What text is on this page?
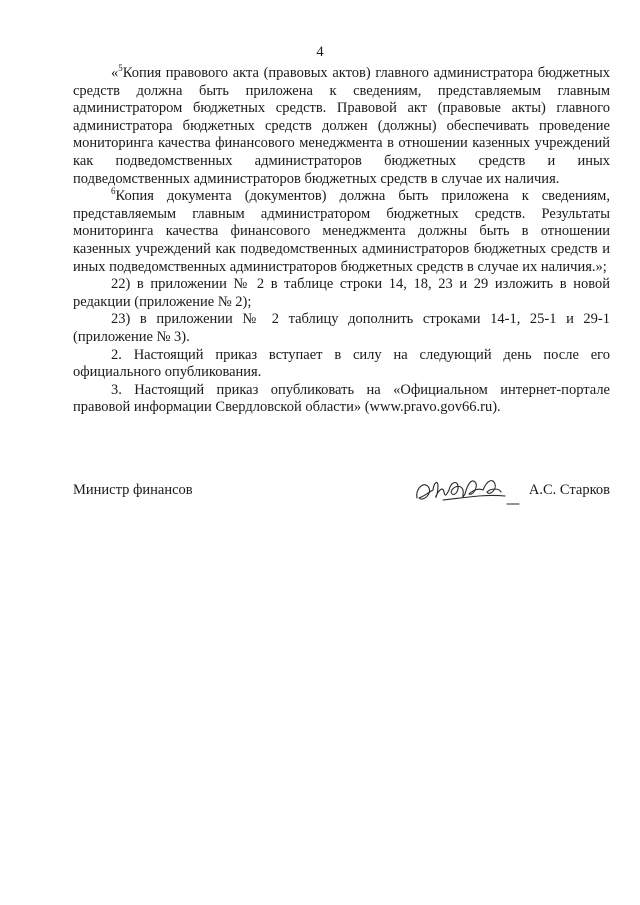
4

«$^5$Копия правового акта (правовых актов) главного администратора бюджетных средств должна быть приложена к сведениям, представляемым главным администратором бюджетных средств. Правовой акт (правовые акты) главного администратора бюджетных средств должен (должны) обеспечивать проведение мониторинга качества финансового менеджмента в отношении казенных учреждений как подведомственных администраторов бюджетных средств и иных подведомственных администраторов бюджетных средств в случае их наличия.

$^6$Копия документа (документов) должна быть приложена к сведениям, представляемым главным администратором бюджетных средств. Результаты мониторинга качества финансового менеджмента должны быть в отношении казенных учреждений как подведомственных администраторов бюджетных средств и иных подведомственных администраторов бюджетных средств в случае их наличия.»;

22) в приложении № 2 в таблице строки 14, 18, 23 и 29 изложить в новой редакции (приложение № 2);

23) в приложении № 2 таблицу дополнить строками 14-1, 25-1 и 29-1 (приложение № 3).

2. Настоящий приказ вступает в силу на следующий день после его официального опубликования.

3. Настоящий приказ опубликовать на «Официальном интернет-портале правовой информации Свердловской области» (www.pravo.gov66.ru).

Министр финансов	А.С. Старков
